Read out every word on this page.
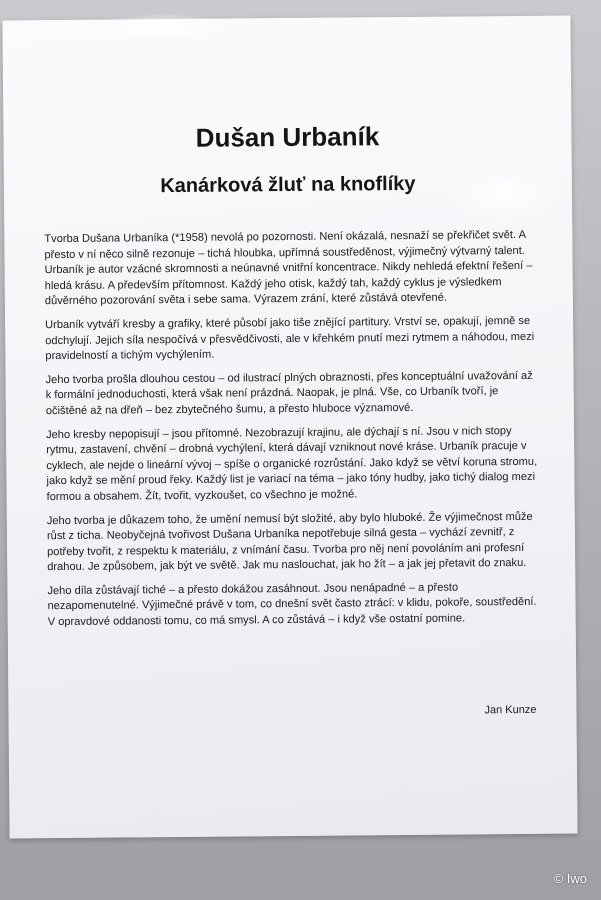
Dušan Urbaník
Kanárková žluť na knoflíky

Tvorba Dušana Urbaníka (*1958) nevolá po pozornosti. Není okázalá, nesnaží se překřičet svět. A přesto v ní něco silně rezonuje – tichá hloubka, upřímná soustředěnost, výjimečný výtvarný talent. Urbaník je autor vzácné skromnosti a neúnavné vnitřní koncentrace. Nikdy nehledá efektní řešení – hledá krásu. A především přítomnost. Každý jeho otisk, každý tah, každý cyklus je výsledkem důvěrného pozorování světa i sebe sama. Výrazem zrání, které zůstává otevřené.

Urbaník vytváří kresby a grafiky, které působí jako tiše znějící partitury. Vrství se, opakují, jemně se odchylují. Jejich síla nespočívá v přesvědčivosti, ale v křehkém pnutí mezi rytmem a náhodou, mezi pravidelností a tichým vychýlením.

Jeho tvorba prošla dlouhou cestou – od ilustrací plných obraznosti, přes konceptuální uvažování až k formální jednoduchosti, která však není prázdná. Naopak, je plná. Vše, co Urbaník tvoří, je očištěné až na dřeň – bez zbytečného šumu, a přesto hluboce významové.

Jeho kresby nepopisují – jsou přítomné. Nezobrazují krajinu, ale dýchají s ní. Jsou v nich stopy rytmu, zastavení, chvění – drobná vychýlení, která dávají vzniknout nové kráse. Urbaník pracuje v cyklech, ale nejde o lineární vývoj – spíše o organické rozrůstání. Jako když se větví koruna stromu, jako když se mění proud řeky. Každý list je variací na téma – jako tóny hudby, jako tichý dialog mezi formou a obsahem. Žít, tvořit, vyzkoušet, co všechno je možné.

Jeho tvorba je důkazem toho, že umění nemusí být složité, aby bylo hluboké. Že výjimečnost může růst z ticha. Neobyčejná tvořivost Dušana Urbaníka nepotřebuje silná gesta – vychází zevnitř, z potřeby tvořit, z respektu k materiálu, z vnímání času. Tvorba pro něj není povoláním ani profesní drahou. Je způsobem, jak být ve světě. Jak mu naslouchat, jak ho žít – a jak jej přetavit do znaku.

Jeho díla zůstávají tiché – a přesto dokážou zasáhnout. Jsou nenápadné – a přesto nezapomenutelné. Výjimečné právě v tom, co dnešní svět často ztrácí: v klidu, pokoře, soustředění. V opravdové oddanosti tomu, co má smysl. A co zůstává – i když vše ostatní pomine.

Jan Kunze
© Iwo
